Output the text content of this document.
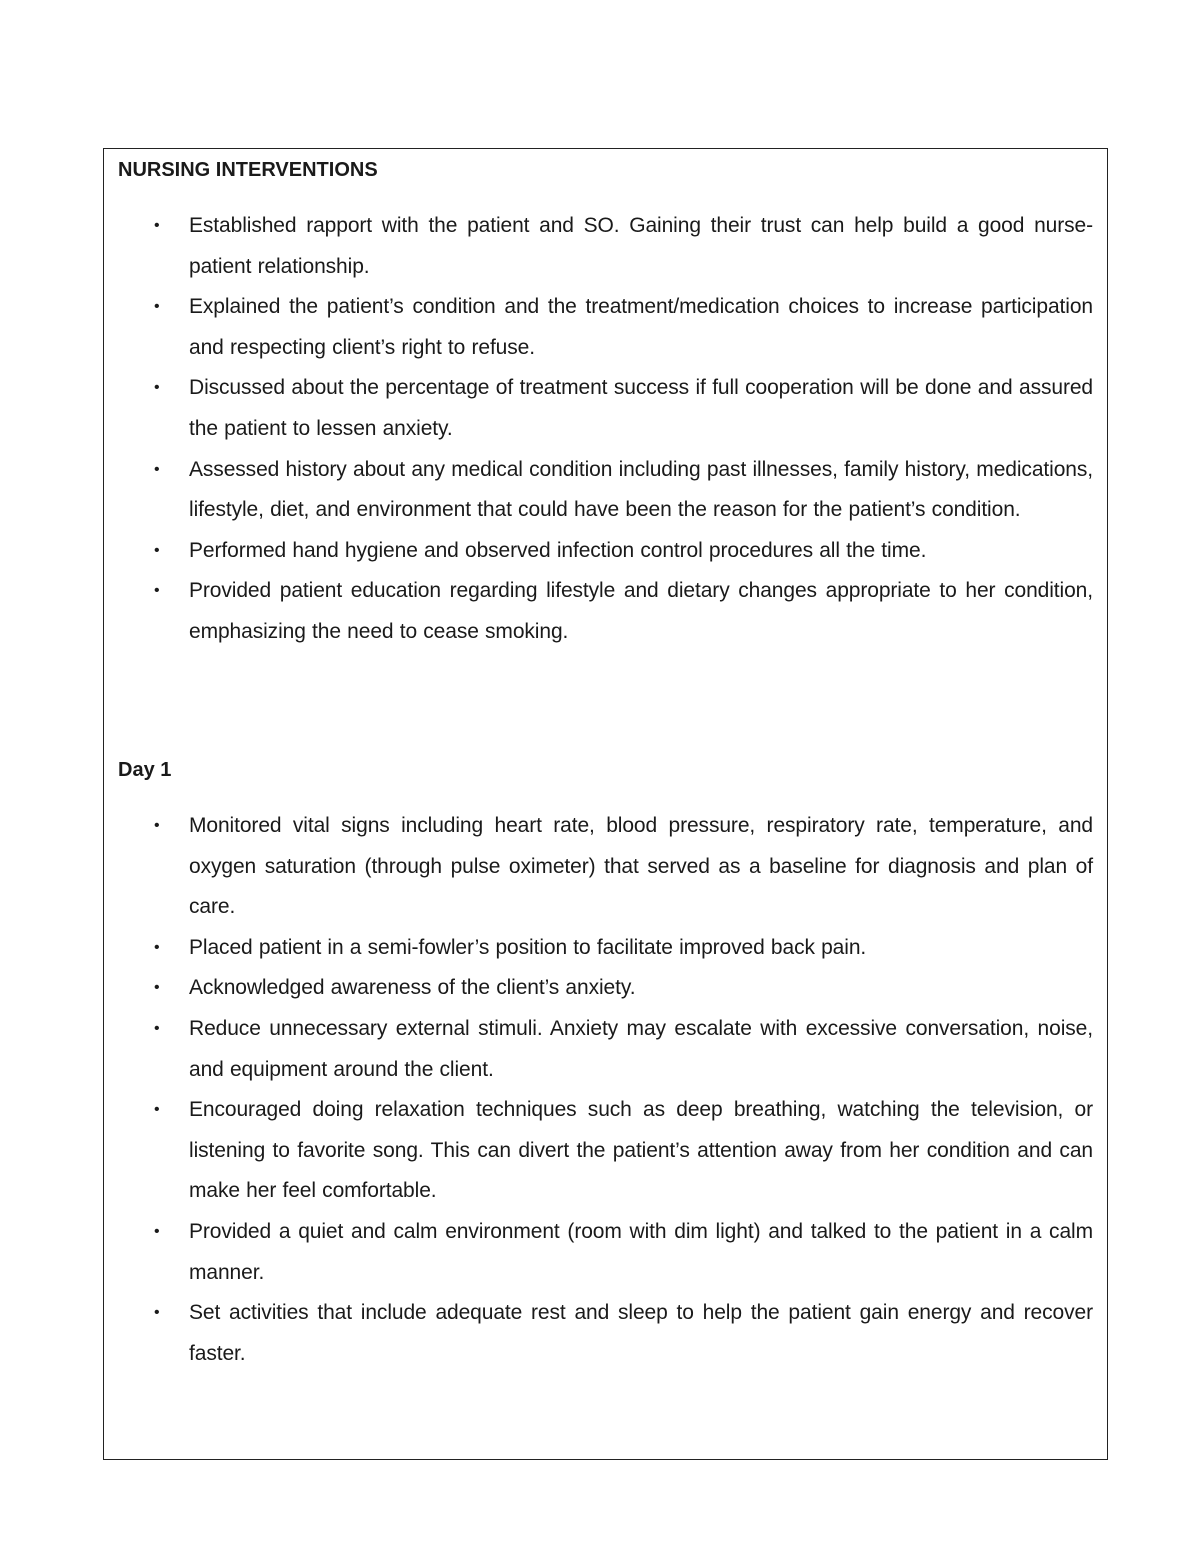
NURSING INTERVENTIONS
• Established rapport with the patient and SO. Gaining their trust can help build a good nurse-patient relationship.
• Explained the patient’s condition and the treatment/medication choices to increase participation and respecting client’s right to refuse.
• Discussed about the percentage of treatment success if full cooperation will be done and assured the patient to lessen anxiety.
• Assessed history about any medical condition including past illnesses, family history, medications, lifestyle, diet, and environment that could have been the reason for the patient’s condition.
• Performed hand hygiene and observed infection control procedures all the time.
• Provided patient education regarding lifestyle and dietary changes appropriate to her condition, emphasizing the need to cease smoking.
Day 1
• Monitored vital signs including heart rate, blood pressure, respiratory rate, temperature, and oxygen saturation (through pulse oximeter) that served as a baseline for diagnosis and plan of care.
• Placed patient in a semi-fowler’s position to facilitate improved back pain.
• Acknowledged awareness of the client’s anxiety.
• Reduce unnecessary external stimuli. Anxiety may escalate with excessive conversation, noise, and equipment around the client.
• Encouraged doing relaxation techniques such as deep breathing, watching the television, or listening to favorite song. This can divert the patient’s attention away from her condition and can make her feel comfortable.
• Provided a quiet and calm environment (room with dim light) and talked to the patient in a calm manner.
• Set activities that include adequate rest and sleep to help the patient gain energy and recover faster.
